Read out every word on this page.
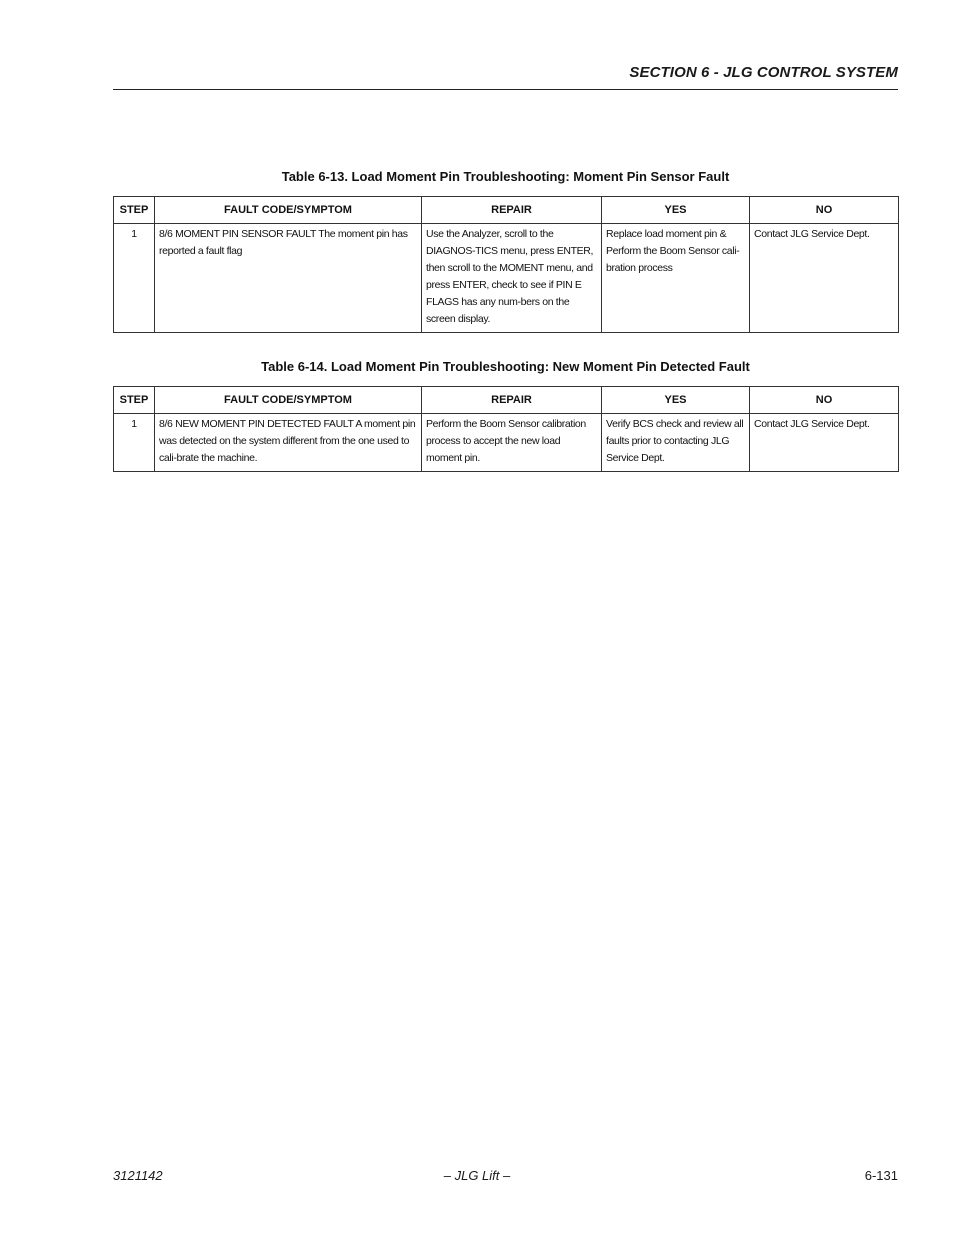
SECTION 6 - JLG CONTROL SYSTEM
Table 6-13. Load Moment Pin Troubleshooting: Moment Pin Sensor Fault
STEP	FAULT CODE/SYMPTOM	REPAIR	YES	NO
1	8/6 MOMENT PIN SENSOR FAULT The moment pin has reported a fault flag	Use the Analyzer, scroll to the DIAGNOS-TICS menu, press ENTER, then scroll to the MOMENT menu, and press ENTER, check to see if PIN E FLAGS has any num-bers on the screen display.	Replace load moment pin & Perform the Boom Sensor cali-bration process	Contact JLG Service Dept.
Table 6-14. Load Moment Pin Troubleshooting: New Moment Pin Detected Fault
STEP	FAULT CODE/SYMPTOM	REPAIR	YES	NO
1	8/6 NEW MOMENT PIN DETECTED FAULT A moment pin was detected on the system different from the one used to cali-brate the machine.	Perform the Boom Sensor calibration process to accept the new load moment pin.	Verify BCS check and review all faults prior to contacting JLG Service Dept.	Contact JLG Service Dept.
3121142	– JLG Lift –	6-131
